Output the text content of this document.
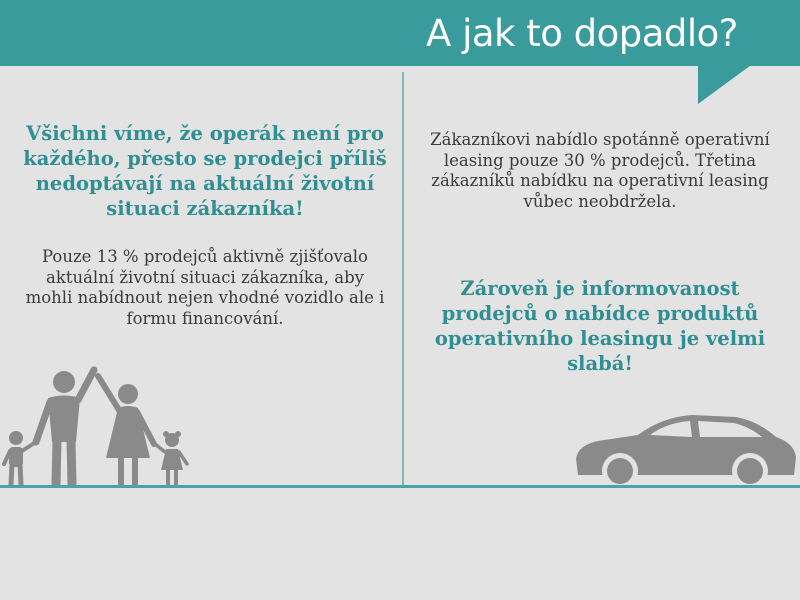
A jak to dopadlo?
Všichni víme, že operák není pro každého, přesto se prodejci příliš nedoptávají na aktuální životní situaci zákazníka!
Pouze 13 % prodejců aktivně zjišťovalo aktuální životní situaci zákazníka, aby mohli nabídnout nejen vhodné vozidlo ale i formu financování.
Zákazníkovi nabídlo spotánně operativní leasing pouze 30 % prodejců. Třetina zákazníků nabídku na operativní leasing vůbec neobdržela.
Zároveň je informovanost prodejců o nabídce produktů operativního leasingu je velmi slabá!
